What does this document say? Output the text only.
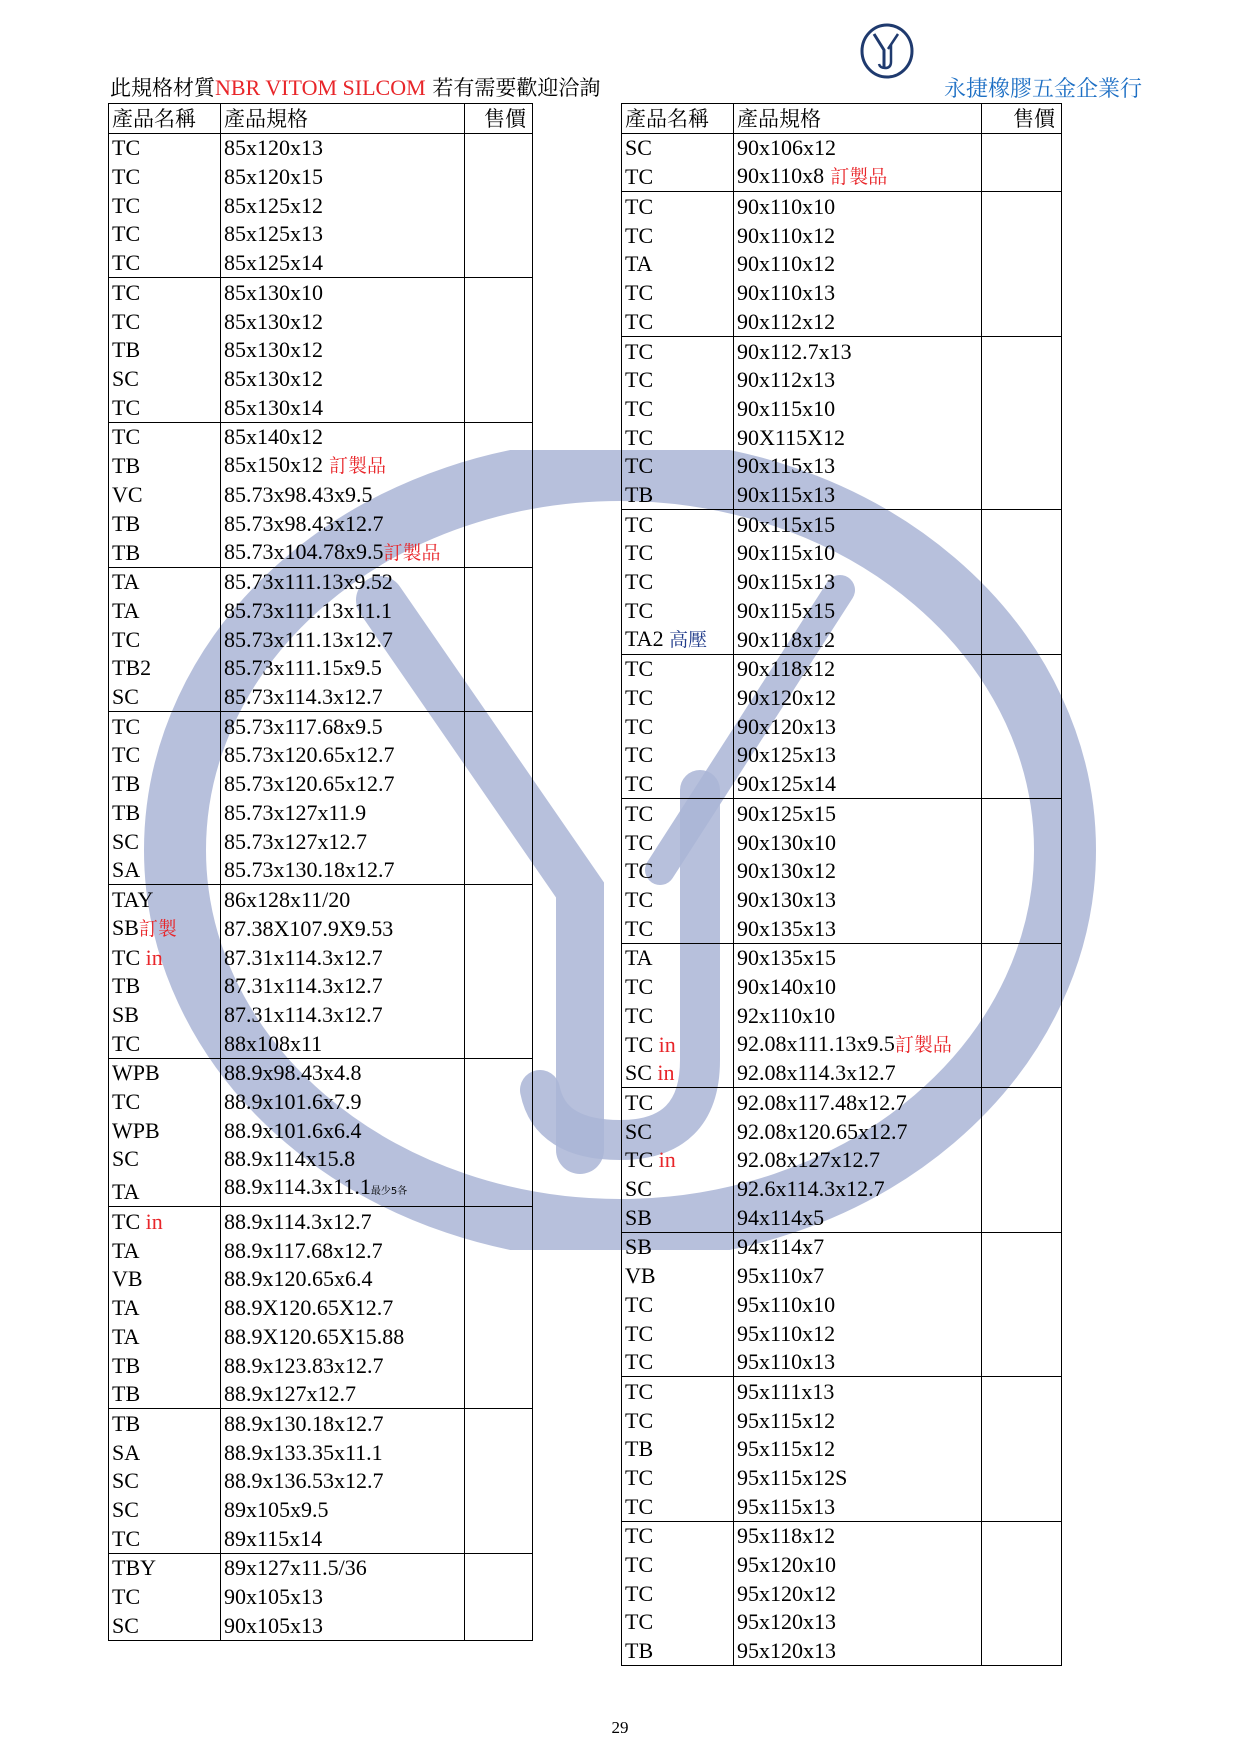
此規格材質NBR VITOM SILCOM 若有需要歡迎洽詢	永捷橡膠五金企業行
產品名稱	產品規格	售價
TC	85x120x13	
TC	85x120x15	
TC	85x125x12	
TC	85x125x13	
TC	85x125x14	
TC	85x130x10	
TC	85x130x12	
TB	85x130x12	
SC	85x130x12	
TC	85x130x14	
TC	85x140x12	
TB	85x150x12 訂製品	
VC	85.73x98.43x9.5	
TB	85.73x98.43x12.7	
TB	85.73x104.78x9.5訂製品	
TA	85.73x111.13x9.52	
TA	85.73x111.13x11.1	
TC	85.73x111.13x12.7	
TB2	85.73x111.15x9.5	
SC	85.73x114.3x12.7	
TC	85.73x117.68x9.5	
TC	85.73x120.65x12.7	
TB	85.73x120.65x12.7	
TB	85.73x127x11.9	
SC	85.73x127x12.7	
SA	85.73x130.18x12.7	
TAY	86x128x11/20	
SB訂製	87.38X107.9X9.53	
TC in	87.31x114.3x12.7	
TB	87.31x114.3x12.7	
SB	87.31x114.3x12.7	
TC	88x108x11	
WPB	88.9x98.43x4.8	
TC	88.9x101.6x7.9	
WPB	88.9x101.6x6.4	
SC	88.9x114x15.8	
TA	88.9x114.3x11.1最少5各	
TC in	88.9x114.3x12.7	
TA	88.9x117.68x12.7	
VB	88.9x120.65x6.4	
TA	88.9X120.65X12.7	
TA	88.9X120.65X15.88	
TB	88.9x123.83x12.7	
TB	88.9x127x12.7	
TB	88.9x130.18x12.7	
SA	88.9x133.35x11.1	
SC	88.9x136.53x12.7	
SC	89x105x9.5	
TC	89x115x14	
TBY	89x127x11.5/36	
TC	90x105x13	
SC	90x105x13	
產品名稱	產品規格	售價
SC	90x106x12	
TC	90x110x8 訂製品	
TC	90x110x10	
TC	90x110x12	
TA	90x110x12	
TC	90x110x13	
TC	90x112x12	
TC	90x112.7x13	
TC	90x112x13	
TC	90x115x10	
TC	90X115X12	
TC	90x115x13	
TB	90x115x13	
TC	90x115x15	
TC	90x115x10	
TC	90x115x13	
TC	90x115x15	
TA2 高壓	90x118x12	
TC	90x118x12	
TC	90x120x12	
TC	90x120x13	
TC	90x125x13	
TC	90x125x14	
TC	90x125x15	
TC	90x130x10	
TC	90x130x12	
TC	90x130x13	
TC	90x135x13	
TA	90x135x15	
TC	90x140x10	
TC	92x110x10	
TC in	92.08x111.13x9.5訂製品	
SC in	92.08x114.3x12.7	
TC	92.08x117.48x12.7	
SC	92.08x120.65x12.7	
TC in	92.08x127x12.7	
SC	92.6x114.3x12.7	
SB	94x114x5	
SB	94x114x7	
VB	95x110x7	
TC	95x110x10	
TC	95x110x12	
TC	95x110x13	
TC	95x111x13	
TC	95x115x12	
TB	95x115x12	
TC	95x115x12S	
TC	95x115x13	
TC	95x118x12	
TC	95x120x10	
TC	95x120x12	
TC	95x120x13	
TB	95x120x13	
29
